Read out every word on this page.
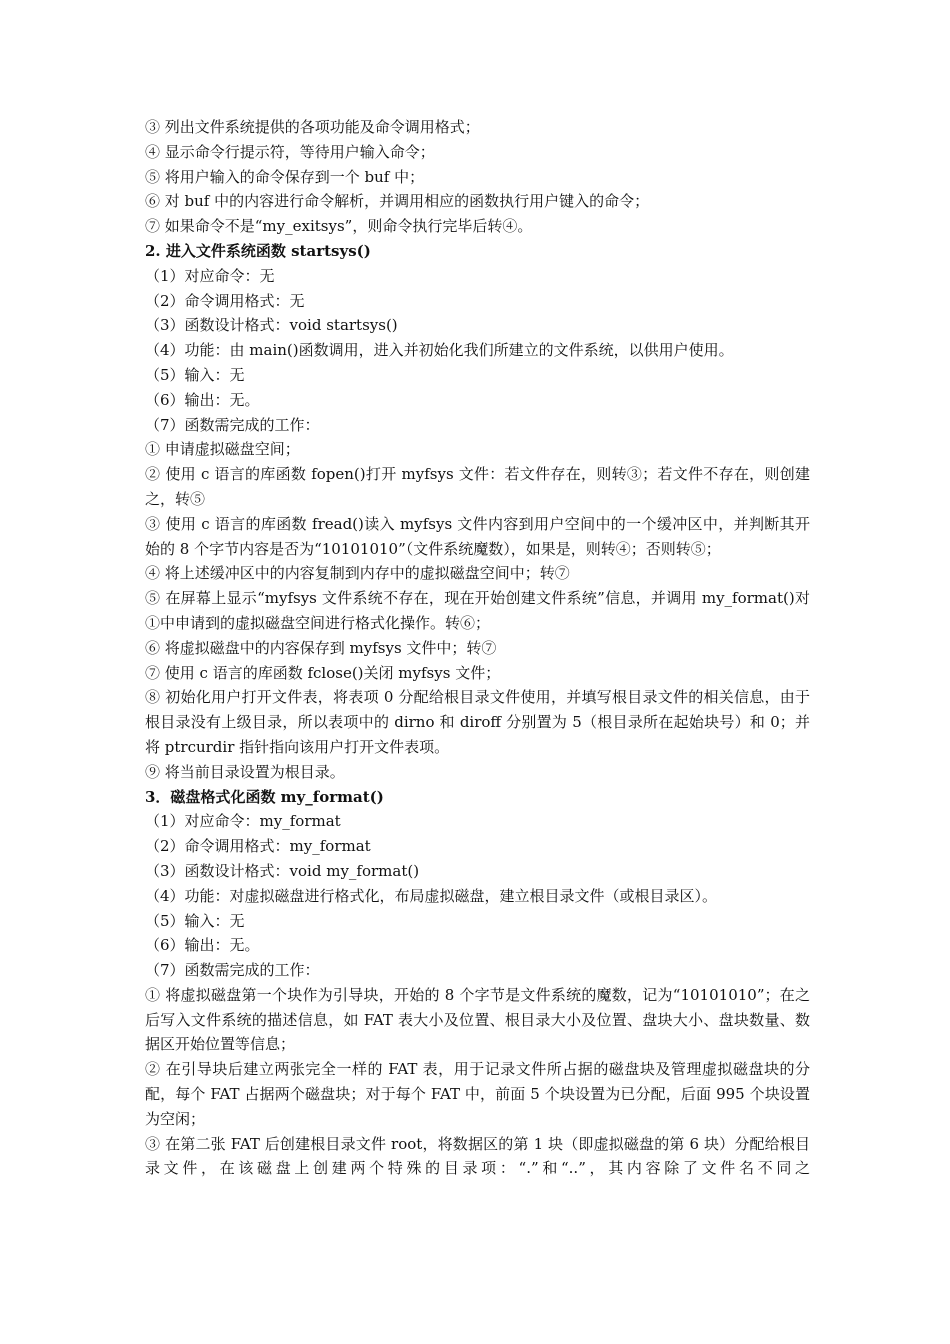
③ 列出文件系统提供的各项功能及命令调用格式；
④ 显示命令行提示符，等待用户输入命令；
⑤ 将用户输入的命令保存到一个 buf 中；
⑥ 对 buf 中的内容进行命令解析，并调用相应的函数执行用户键入的命令；
⑦ 如果命令不是“my_exitsys”，则命令执行完毕后转④。
2. 进入文件系统函数 startsys()
（1）对应命令：无
（2）命令调用格式：无
（3）函数设计格式：void startsys()
（4）功能：由 main()函数调用，进入并初始化我们所建立的文件系统，以供用户使用。
（5）输入：无
（6）输出：无。
（7）函数需完成的工作：
① 申请虚拟磁盘空间；
② 使用 c 语言的库函数 fopen()打开 myfsys 文件：若文件存在，则转③；若文件不存在，则创建之，转⑤
③ 使用 c 语言的库函数 fread()读入 myfsys 文件内容到用户空间中的一个缓冲区中，并判断其开始的 8 个字节内容是否为“10101010”（文件系统魔数），如果是，则转④；否则转⑤；
④ 将上述缓冲区中的内容复制到内存中的虚拟磁盘空间中；转⑦
⑤ 在屏幕上显示“myfsys 文件系统不存在，现在开始创建文件系统”信息，并调用 my_format()对①中申请到的虚拟磁盘空间进行格式化操作。转⑥；
⑥ 将虚拟磁盘中的内容保存到 myfsys 文件中；转⑦
⑦ 使用 c 语言的库函数 fclose()关闭 myfsys 文件；
⑧ 初始化用户打开文件表，将表项 0 分配给根目录文件使用，并填写根目录文件的相关信息，由于根目录没有上级目录，所以表项中的 dirno 和 diroff 分别置为 5（根目录所在起始块号）和 0；并将 ptrcurdir 指针指向该用户打开文件表项。
⑨ 将当前目录设置为根目录。
3．磁盘格式化函数 my_format()
（1）对应命令：my_format
（2）命令调用格式：my_format
（3）函数设计格式：void my_format()
（4）功能：对虚拟磁盘进行格式化，布局虚拟磁盘，建立根目录文件（或根目录区）。
（5）输入：无
（6）输出：无。
（7）函数需完成的工作：
① 将虚拟磁盘第一个块作为引导块，开始的 8 个字节是文件系统的魔数，记为“10101010”；在之后写入文件系统的描述信息，如 FAT 表大小及位置、根目录大小及位置、盘块大小、盘块数量、数据区开始位置等信息；
② 在引导块后建立两张完全一样的 FAT 表，用于记录文件所占据的磁盘块及管理虚拟磁盘块的分配，每个 FAT 占据两个磁盘块；对于每个 FAT 中，前面 5 个块设置为已分配，后面 995 个块设置为空闲；
③ 在第二张 FAT 后创建根目录文件 root，将数据区的第 1 块（即虚拟磁盘的第 6 块）分配给根目录文件，在该磁盘上创建两个特殊的目录项：“.”和“..”，其内容除了文件名不同之
